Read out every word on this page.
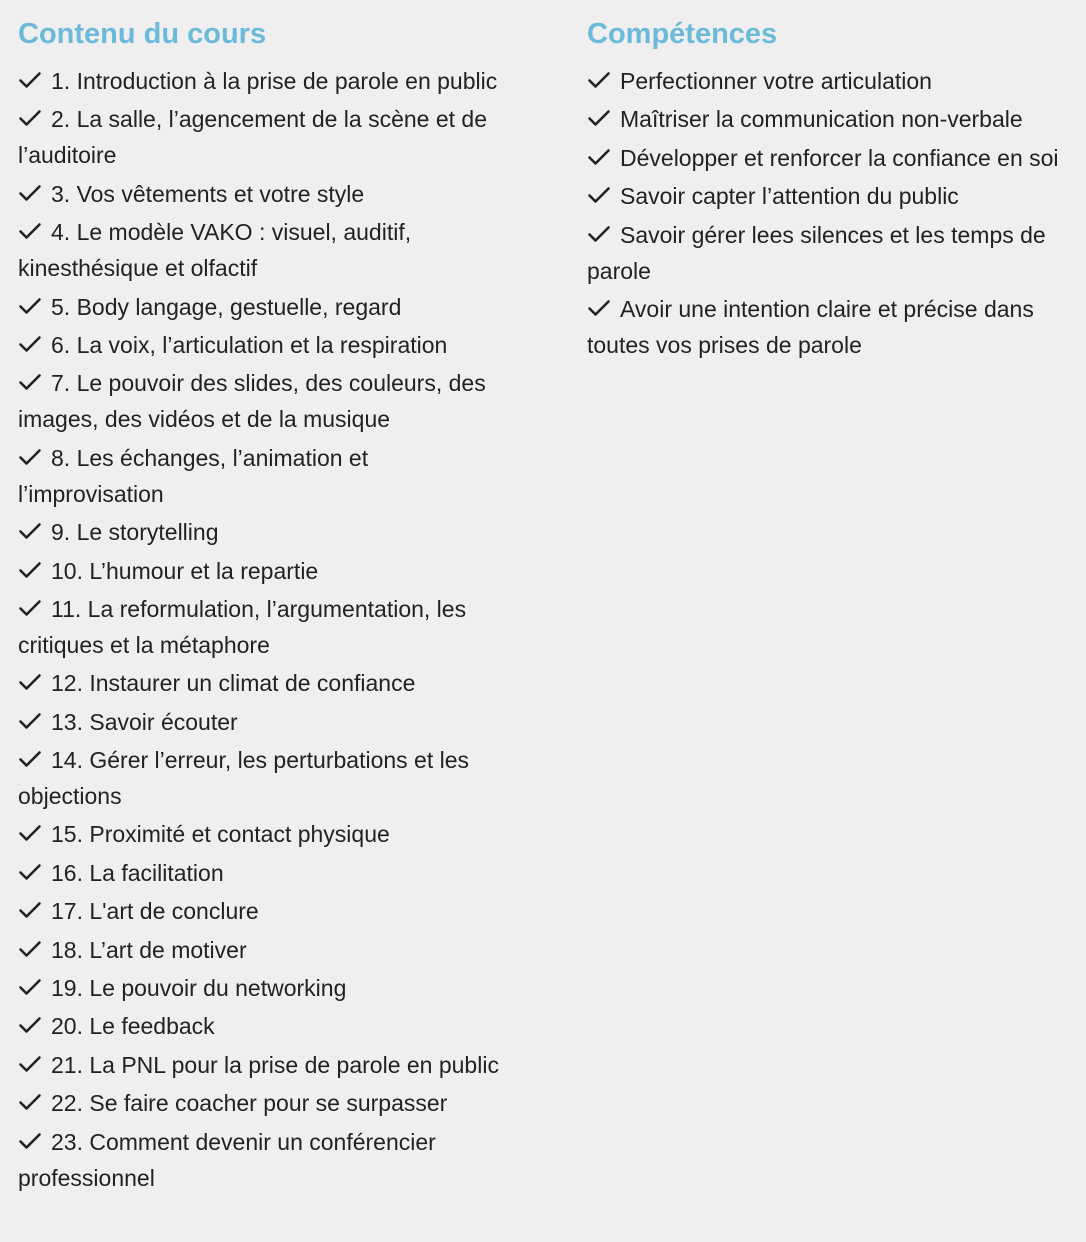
Contenu du cours
1. Introduction à la prise de parole en public
2. La salle, l’agencement de la scène et de l’auditoire
3. Vos vêtements et votre style
4. Le modèle VAKO : visuel, auditif, kinesthésique et olfactif
5. Body langage, gestuelle, regard
6. La voix, l’articulation et la respiration
7. Le pouvoir des slides, des couleurs, des images, des vidéos et de la musique
8. Les échanges, l’animation et l’improvisation
9. Le storytelling
10. L’humour et la repartie
11. La reformulation, l’argumentation, les critiques et la métaphore
12. Instaurer un climat de confiance
13. Savoir écouter
14. Gérer l’erreur, les perturbations et les objections
15. Proximité et contact physique
16. La facilitation
17. L'art de conclure
18. L’art de motiver
19. Le pouvoir du networking
20. Le feedback
21. La PNL pour la prise de parole en public
22. Se faire coacher pour se surpasser
23. Comment devenir un conférencier professionnel
Compétences
Perfectionner votre articulation
Maîtriser la communication non-verbale
Développer et renforcer la confiance en soi
Savoir capter l’attention du public
Savoir gérer lees silences et les temps de parole
Avoir une intention claire et précise dans toutes vos prises de parole
